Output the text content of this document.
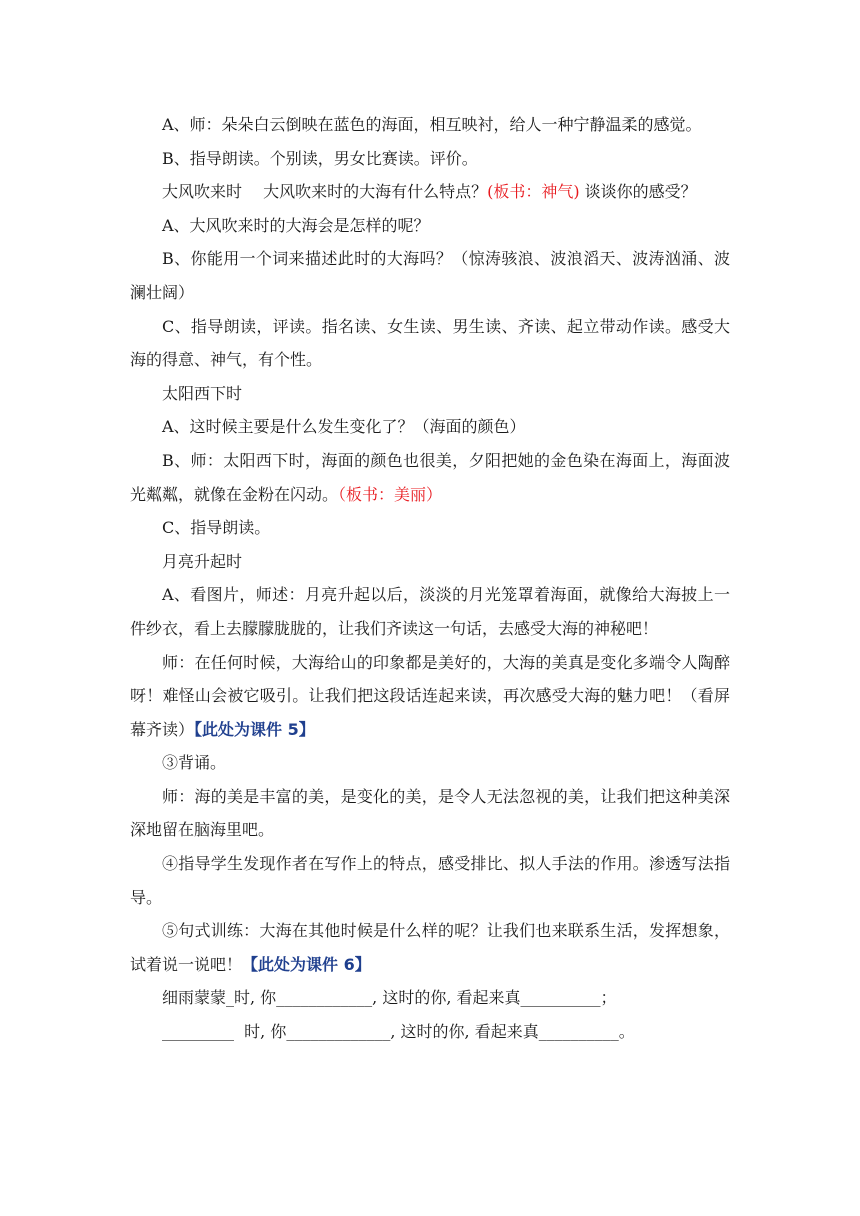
A、师：朵朵白云倒映在蓝色的海面，相互映衬，给人一种宁静温柔的感觉。

B、指导朗读。个别读，男女比赛读。评价。

大风吹来时　 大风吹来时的大海有什么特点？(板书：神气) 谈谈你的感受？

A、大风吹来时的大海会是怎样的呢？

B、你能用一个词来描述此时的大海吗？（惊涛骇浪、波浪滔天、波涛汹涌、波澜壮阔）

C、指导朗读，评读。指名读、女生读、男生读、齐读、起立带动作读。感受大海的得意、神气，有个性。

太阳西下时

A、这时候主要是什么发生变化了？（海面的颜色）

B、师：太阳西下时，海面的颜色也很美，夕阳把她的金色染在海面上，海面波光粼粼，就像在金粉在闪动。（板书：美丽）

C、指导朗读。

月亮升起时

A、看图片，师述：月亮升起以后，淡淡的月光笼罩着海面，就像给大海披上一件纱衣，看上去朦朦胧胧的，让我们齐读这一句话，去感受大海的神秘吧！

师：在任何时候，大海给山的印象都是美好的，大海的美真是变化多端令人陶醉呀！难怪山会被它吸引。让我们把这段话连起来读，再次感受大海的魅力吧！（看屏幕齐读）【此处为课件 5】

③背诵。

师：海的美是丰富的美，是变化的美，是令人无法忽视的美，让我们把这种美深深地留在脑海里吧。

④指导学生发现作者在写作上的特点，感受排比、拟人手法的作用。渗透写法指导。

⑤句式训练：大海在其他时候是什么样的呢？让我们也来联系生活，发挥想象，试着说一说吧！【此处为课件 6】

细雨蒙蒙_时, 你____________, 这时的你, 看起来真__________；

_________  时, 你_____________, 这时的你, 看起来真__________。
